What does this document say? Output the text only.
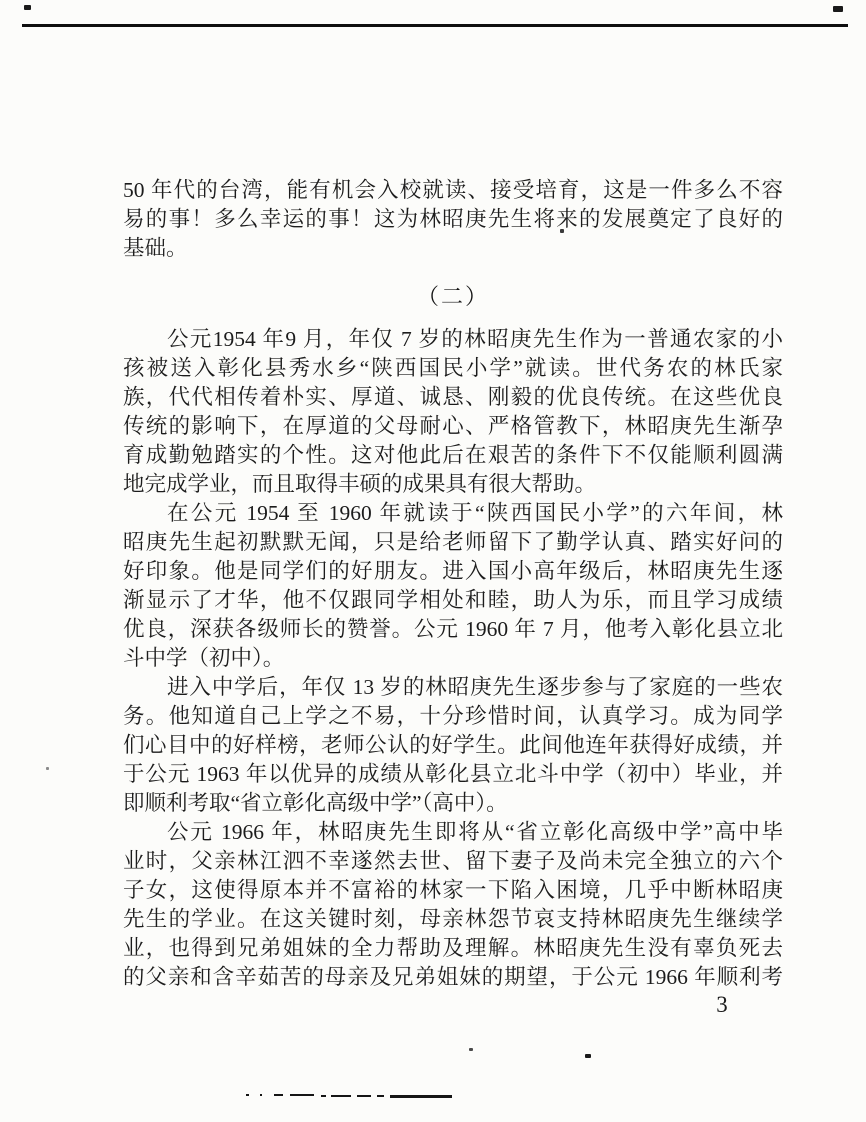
（二）
50 年代的台湾，能有机会入校就读、接受培育，这是一件多么不容
易的事！多么幸运的事！这为林昭庚先生将来的发展奠定了良好的
基础。
公元1954 年9 月，年仅 7 岁的林昭庚先生作为一普通农家的小
孩被送入彰化县秀水乡“陕西国民小学”就读。世代务农的林氏家
族，代代相传着朴实、厚道、诚恳、刚毅的优良传统。在这些优良
传统的影响下，在厚道的父母耐心、严格管教下，林昭庚先生渐孕
育成勤勉踏实的个性。这对他此后在艰苦的条件下不仅能顺利圆满
地完成学业，而且取得丰硕的成果具有很大帮助。
在公元 1954 至 1960 年就读于“陕西国民小学”的六年间，林
昭庚先生起初默默无闻，只是给老师留下了勤学认真、踏实好问的
好印象。他是同学们的好朋友。进入国小高年级后，林昭庚先生逐
渐显示了才华，他不仅跟同学相处和睦，助人为乐，而且学习成绩
优良，深获各级师长的赞誉。公元 1960 年 7 月，他考入彰化县立北
斗中学（初中）。
进入中学后，年仅 13 岁的林昭庚先生逐步参与了家庭的一些农
务。他知道自己上学之不易，十分珍惜时间，认真学习。成为同学
们心目中的好样榜，老师公认的好学生。此间他连年获得好成绩，并
于公元 1963 年以优异的成绩从彰化县立北斗中学（初中）毕业，并
即顺利考取“省立彰化高级中学”（高中）。
公元 1966 年，林昭庚先生即将从“省立彰化高级中学”高中毕
业时，父亲林江泗不幸遂然去世、留下妻子及尚未完全独立的六个
子女，这使得原本并不富裕的林家一下陷入困境，几乎中断林昭庚
先生的学业。在这关键时刻，母亲林怨节哀支持林昭庚先生继续学
业，也得到兄弟姐妹的全力帮助及理解。林昭庚先生没有辜负死去
的父亲和含辛茹苦的母亲及兄弟姐妹的期望，于公元 1966 年顺利考
3
